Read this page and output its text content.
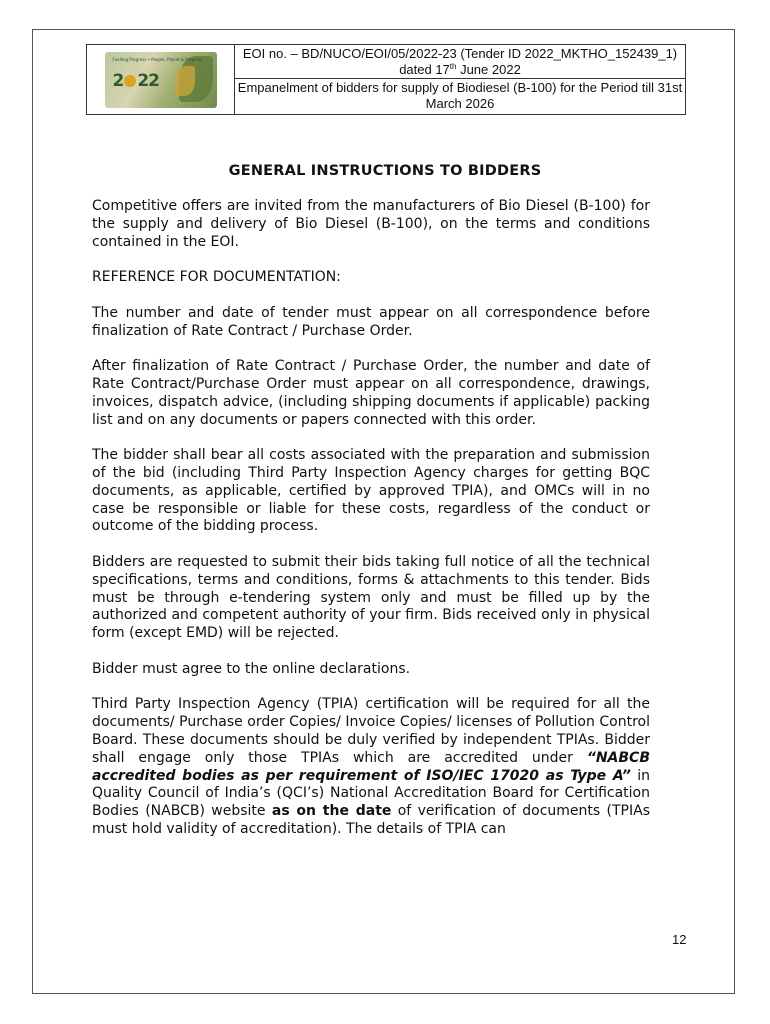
Fuelling Progress • People, Planet & Progress
2 22
EOI no. – BD/NUCO/EOI/05/2022-23 (Tender ID 2022_MKTHO_152439_1) dated 17th June 2022
Empanelment of bidders for supply of Biodiesel (B-100) for the Period till 31st March 2026
GENERAL INSTRUCTIONS TO BIDDERS

Competitive offers are invited from the manufacturers of Bio Diesel (B-100) for the supply and delivery of Bio Diesel (B-100), on the terms and conditions contained in the EOI.

REFERENCE FOR DOCUMENTATION:

The number and date of tender must appear on all correspondence before finalization of Rate Contract / Purchase Order.

After finalization of Rate Contract / Purchase Order, the number and date of Rate Contract/Purchase Order must appear on all correspondence, drawings, invoices, dispatch advice, (including shipping documents if applicable) packing list and on any documents or papers connected with this order.

The bidder shall bear all costs associated with the preparation and submission of the bid (including Third Party Inspection Agency charges for getting BQC documents, as applicable, certified by approved TPIA), and OMCs will in no case be responsible or liable for these costs, regardless of the conduct or outcome of the bidding process.

Bidders are requested to submit their bids taking full notice of all the technical specifications, terms and conditions, forms & attachments to this tender. Bids must be through e-tendering system only and must be filled up by the authorized and competent authority of your firm. Bids received only in physical form (except EMD) will be rejected.

Bidder must agree to the online declarations.

Third Party Inspection Agency (TPIA) certification will be required for all the documents/ Purchase order Copies/ Invoice Copies/ licenses of Pollution Control Board. These documents should be duly verified by independent TPIAs. Bidder shall engage only those TPIAs which are accredited under “NABCB accredited bodies as per requirement of ISO/IEC 17020 as Type A” in Quality Council of India’s (QCI’s) National Accreditation Board for Certification Bodies (NABCB) website as on the date of verification of documents (TPIAs must hold validity of accreditation). The details of TPIA can

12
